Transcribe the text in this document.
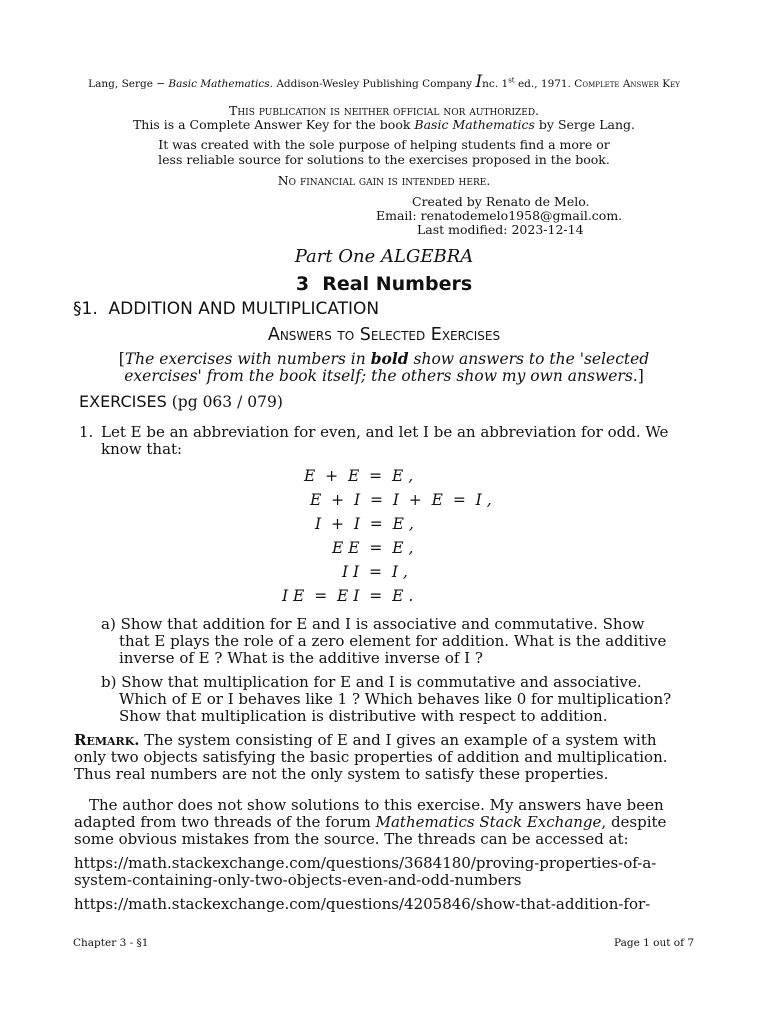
Lang, Serge − Basic Mathematics. Addison-Wesley Publishing Company Inc. 1st ed., 1971. Complete Answer Key
This publication is neither official nor authorized.
This is a Complete Answer Key for the book Basic Mathematics by Serge Lang.
It was created with the sole purpose of helping students find a more or
less reliable source for solutions to the exercises proposed in the book.
No financial gain is intended here.
Created by Renato de Melo.
Email: renatodemelo1958@gmail.com.
Last modified: 2023-12-14
Part One ALGEBRA
3  Real Numbers
§1.  ADDITION AND MULTIPLICATION
Answers to Selected Exercises
[The exercises with numbers in bold show answers to the 'selected
exercises' from the book itself; the others show my own answers.]
EXERCISES (pg 063 / 079)
1. Let E be an abbreviation for even, and let I be an abbreviation for odd. We
know that:
E  +  E  =  E ,
E  +  I  =  I  +  E  =  I ,
I  +  I  =  E ,
E E  =  E ,
I I  =  I ,
I E  =  E I  =  E .
a) Show that addition for E and I is associative and commutative. Show
that E plays the role of a zero element for addition. What is the additive
inverse of E ? What is the additive inverse of I ?
b) Show that multiplication for E and I is commutative and associative.
Which of E or I behaves like 1 ? Which behaves like 0 for multiplication?
Show that multiplication is distributive with respect to addition.
Remark. The system consisting of E and I gives an example of a system with
only two objects satisfying the basic properties of addition and multiplication.
Thus real numbers are not the only system to satisfy these properties.
The author does not show solutions to this exercise. My answers have been
adapted from two threads of the forum Mathematics Stack Exchange, despite
some obvious mistakes from the source. The threads can be accessed at:
https://math.stackexchange.com/questions/3684180/proving-properties-of-a-
system-containing-only-two-objects-even-and-odd-numbers
https://math.stackexchange.com/questions/4205846/show-that-addition-for-
Chapter 3 - §1	Page 1 out of 7
